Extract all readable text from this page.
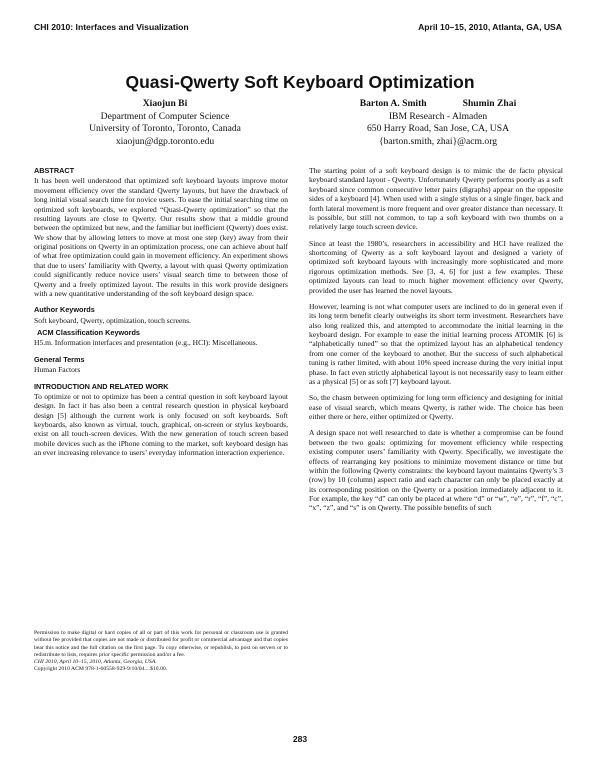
CHI 2010: Interfaces and Visualization	April 10–15, 2010, Atlanta, GA, USA
Quasi-Qwerty Soft Keyboard Optimization
Xiaojun Bi
Department of Computer Science
University of Toronto, Toronto, Canada
xiaojun@dgp.toronto.edu
Barton A. Smith	Shumin Zhai
IBM Research - Almaden
650 Harry Road, San Jose, CA, USA
{barton.smith, zhai}@acm.org
ABSTRACT

It has been well understood that optimized soft keyboard layouts improve motor movement efficiency over the standard Qwerty layouts, but have the drawback of long initial visual search time for novice users. To ease the initial searching time on optimized soft keyboards, we explored “Quasi-Qwerty optimization” so that the resulting layouts are close to Qwerty. Our results show that a middle ground between the optimized but new, and the familiar but inefficient (Qwerty) does exist. We show that by allowing letters to move at most one step (key) away from their original positions on Qwerty in an optimization process, one can achieve about half of what free optimization could gain in movement efficiency. An experiment shows that due to users’ familiarity with Qwerty, a layout with quasi Qwerty optimization could significantly reduce novice users’ visual search time to between those of Qwerty and a freely optimized layout. The results in this work provide designers with a new quantitative understanding of the soft keyboard design space.

Author Keywords

Soft keyboard, Qwerty, optimization, touch screens.

ACM Classification Keywords

H5.m. Information interfaces and presentation (e.g., HCI): Miscellaneous.

General Terms

Human Factors

INTRODUCTION AND RELATED WORK

To optimize or not to optimize has been a central question in soft keyboard layout design. In fact it has also been a central research question in physical keyboard design [5] although the current work is only focused on soft keyboards. Soft keyboards, also known as virtual, touch, graphical, on-screen or stylus keyboards, exist on all touch-screen devices. With the new generation of touch screen based mobile devices such as the iPhone coming to the market, soft keyboard design has an ever increasing relevance to users’ everyday information interaction experience.

Permission to make digital or hard copies of all or part of this work for personal or classroom use is granted without fee provided that copies are not made or distributed for profit or commercial advantage and that copies bear this notice and the full citation on the first page. To copy otherwise, or republish, to post on servers or to redistribute to lists, requires prior specific permission and/or a fee.

CHI 2010, April 10–15, 2010, Atlanta, Georgia, USA.

Copyright 2010 ACM 978-1-60558-929-9/10/04....$10.00.

The starting point of a soft keyboard design is to mimic the de facto physical keyboard standard layout - Qwerty. Unfortunately Qwerty performs poorly as a soft keyboard since common consecutive letter pairs (digraphs) appear on the opposite sides of a keyboard [4]. When used with a single stylus or a single finger, back and forth lateral movement is more frequent and over greater distance than necessary. It is possible, but still not common, to tap a soft keyboard with two thumbs on a relatively large touch screen device.

Since at least the 1980’s, researchers in accessibility and HCI have realized the shortcoming of Qwerty as a soft keyboard layout and designed a variety of optimized soft keyboard layouts with increasingly more sophisticated and more rigorous optimization methods. See [3, 4, 6] for just a few examples. These optimized layouts can lead to much higher movement efficiency over Qwerty, provided the user has learned the novel layouts.

However, learning is not what computer users are inclined to do in general even if its long term benefit clearly outweighs its short term investment. Researchers have also long realized this, and attempted to accommodate the initial learning in the keyboard design. For example to ease the initial learning process ATOMIK [6] is “alphabetically tuned” so that the optimized layout has an alphabetical tendency from one corner of the keyboard to another. But the success of such alphabetical tuning is rather limited, with about 10% speed increase during the very initial input phase. In fact even strictly alphabetical layout is not necessarily easy to learn either as a physical [5] or as soft [7] keyboard layout.

So, the chasm between optimizing for long term efficiency and designing for initial ease of visual search, which means Qwerty, is rather wide. The choice has been either there or here, either optimized or Qwerty.

A design space not well researched to date is whether a compromise can be found between the two goals: optimizing for movement efficiency while respecting existing computer users’ familiarity with Qwerty. Specifically, we investigate the effects of rearranging key positions to minimize movement distance or time but within the following Qwerty constraints: the keyboard layout maintains Qwerty’s 3 (row) by 10 (column) aspect ratio and each character can only be placed exactly at its corresponding position on the Qwerty or a position immediately adjacent to it. For example, the key “d” can only be placed at where “d” or “w”, “e”, “r”, “f”, “c”, “x”, “z”, and “s” is on Qwerty. The possible benefits of such

283
